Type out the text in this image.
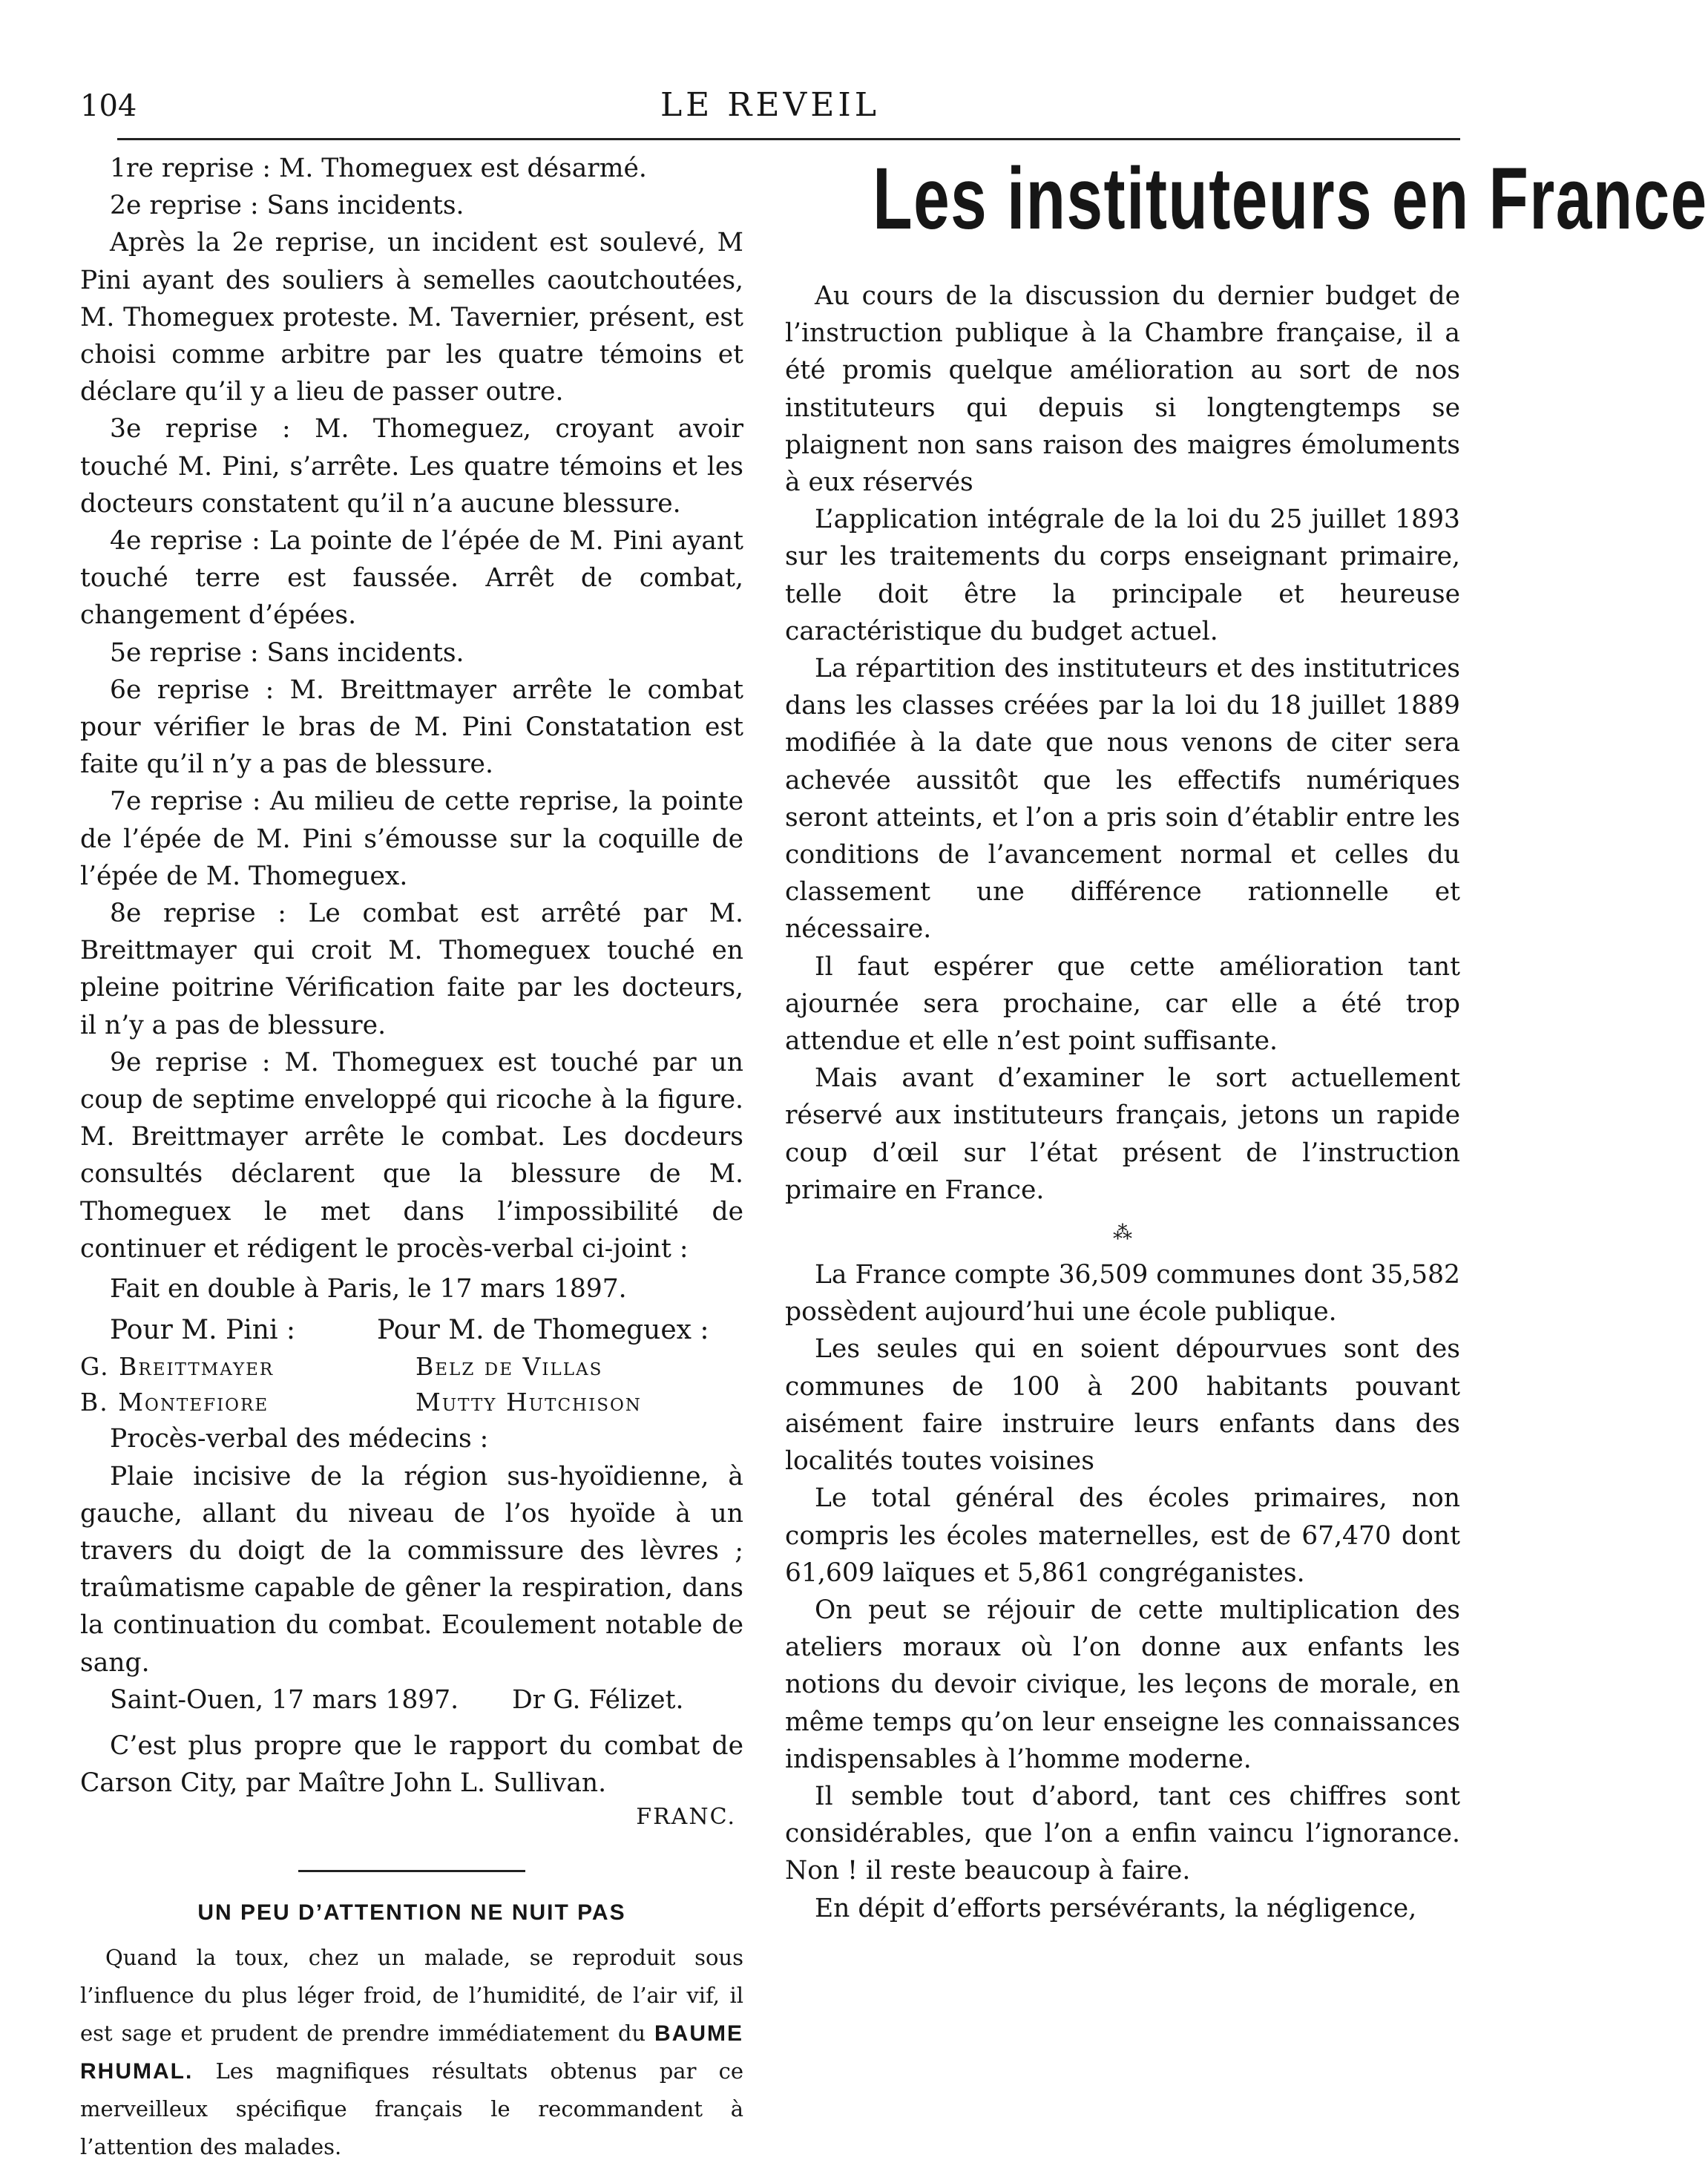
104	LE REVEIL

1re reprise : M. Thomeguex est désarmé.

2e reprise : Sans incidents.

Après la 2e reprise, un incident est soulevé, M Pini ayant des souliers à semelles caoutchoutées, M. Thomeguex proteste. M. Tavernier, présent, est choisi comme arbitre par les quatre témoins et déclare qu’il y a lieu de passer outre.

3e reprise : M. Thomeguez, croyant avoir touché M. Pini, s’arrête. Les quatre témoins et les docteurs constatent qu’il n’a aucune blessure.

4e reprise : La pointe de l’épée de M. Pini ayant touché terre est faussée. Arrêt de combat, changement d’épées.

5e reprise : Sans incidents.

6e reprise : M. Breittmayer arrête le combat pour vérifier le bras de M. Pini Constatation est faite qu’il n’y a pas de blessure.

7e reprise : Au milieu de cette reprise, la pointe de l’épée de M. Pini s’émousse sur la coquille de l’épée de M. Thomeguex.

8e reprise : Le combat est arrêté par M. Breittmayer qui croit M. Thomeguex touché en pleine poitrine Vérification faite par les docteurs, il n’y a pas de blessure.

9e reprise : M. Thomeguex est touché par un coup de septime enveloppé qui ricoche à la figure. M. Breittmayer arrête le combat. Les docdeurs consultés déclarent que la blessure de M. Thomeguex le met dans l’impossibilité de continuer et rédigent le procès-verbal ci-joint :

Fait en double à Paris, le 17 mars 1897.

Pour M. Pini :	Pour M. de Thomeguex :
G. Breittmayer	Belz de Villas
B. Montefiore	Mutty Hutchison

Procès-verbal des médecins :

Plaie incisive de la région sus-hyoïdienne, à gauche, allant du niveau de l’os hyoïde à un travers du doigt de la commissure des lèvres ; traûmatisme capable de gêner la respiration, dans la continuation du combat. Ecoulement notable de sang.

Saint-Ouen, 17 mars 1897. Dr G. Félizet.

C’est plus propre que le rapport du combat de Carson City, par Maître John L. Sullivan.

FRANC.
UN PEU D’ATTENTION NE NUIT PAS

Quand la toux, chez un malade, se reproduit sous l’influence du plus léger froid, de l’humidité, de l’air vif, il est sage et prudent de prendre immédiatement du BAUME RHUMAL. Les magnifiques résultats obtenus par ce merveilleux spécifique français le recommandent à l’attention des malades.

Les instituteurs en France

Au cours de la discussion du dernier budget de l’instruction publique à la Chambre française, il a été promis quelque amélioration au sort de nos instituteurs qui depuis si longtengtemps se plaignent non sans raison des maigres émoluments à eux réservés

L’application intégrale de la loi du 25 juillet 1893 sur les traitements du corps enseignant primaire, telle doit être la principale et heureuse caractéristique du budget actuel.

La répartition des instituteurs et des institutrices dans les classes créées par la loi du 18 juillet 1889 modifiée à la date que nous venons de citer sera achevée aussitôt que les effectifs numériques seront atteints, et l’on a pris soin d’établir entre les conditions de l’avancement normal et celles du classement une différence rationnelle et nécessaire.

Il faut espérer que cette amélioration tant ajournée sera prochaine, car elle a été trop attendue et elle n’est point suffisante.

Mais avant d’examiner le sort actuellement réservé aux instituteurs français, jetons un rapide coup d’œil sur l’état présent de l’instruction primaire en France.

⁂

La France compte 36,509 communes dont 35,582 possèdent aujourd’hui une école publique.

Les seules qui en soient dépourvues sont des communes de 100 à 200 habitants pouvant aisément faire instruire leurs enfants dans des localités toutes voisines

Le total général des écoles primaires, non compris les écoles maternelles, est de 67,470 dont 61,609 laïques et 5,861 congréganistes.

On peut se réjouir de cette multiplication des ateliers moraux où l’on donne aux enfants les notions du devoir civique, les leçons de morale, en même temps qu’on leur enseigne les connaissances indispensables à l’homme moderne.

Il semble tout d’abord, tant ces chiffres sont considérables, que l’on a enfin vaincu l’ignorance. Non ! il reste beaucoup à faire.

En dépit d’efforts persévérants, la négligence,
